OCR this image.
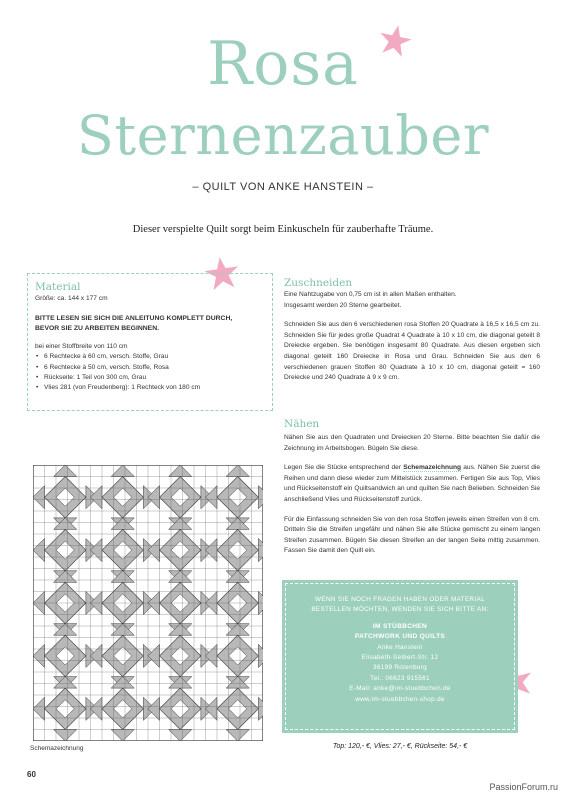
Rosa
Sternenzauber
– QUILT VON ANKE HANSTEIN –
Dieser verspielte Quilt sorgt beim Einkuscheln für zauberhafte Träume.
Material
Größe: ca. 144 x 177 cm
BITTE LESEN SIE SICH DIE ANLEITUNG KOMPLETT DURCH,
BEVOR SIE ZU ARBEITEN BEGINNEN.
bei einer Stoffbreite von 110 cm
• 6 Rechtecke à 60 cm, versch. Stoffe, Grau
• 6 Rechtecke à 50 cm, versch. Stoffe, Rosa
• Rückseite: 1 Teil von 300 cm, Grau
• Vlies 281 (von Freudenberg): 1 Rechteck von 180 cm
Zuschneiden

Eine Nahtzugabe von 0,75 cm ist in allen Maßen enthalten.

Insgesamt werden 20 Sterne gearbeitet.

Schneiden Sie aus den 6 verschiedenen rosa Stoffen 20 Quadrate à 16,5 x 16,5 cm zu. Schneiden Sie für jedes große Quadrat 4 Quadrate à 10 x 10 cm, die diagonal geteilt 8 Dreiecke ergeben. Sie benötigen insgesamt 80 Quadrate. Aus diesen ergeben sich diagonal geteilt 160 Dreiecke in Rosa und Grau. Schneiden Sie aus den 6 verschiedenen grauen Stoffen 80 Quadrate à 10 x 10 cm, diagonal geteilt = 160 Dreiecke und 240 Quadrate à 9 x 9 cm.

Nähen

Nähen Sie aus den Quadraten und Dreiecken 20 Sterne. Bitte beachten Sie dafür die Zeichnung im Arbeitsbogen. Bügeln Sie diese.

Legen Sie die Stücke entsprechend der Schemazeichnung aus. Nähen Sie zuerst die Reihen und dann diese wieder zum Mittelstück zusammen. Fertigen Sie aus Top, Vlies und Rückseitenstoff ein Quiltsandwich an und quilten Sie nach Belieben. Schneiden Sie anschließend Vlies und Rückseitenstoff zurück.

Für die Einfassung schneiden Sie von den rosa Stoffen jeweils einen Streifen von 8 cm. Dritteln Sie die Streifen ungefähr und nähen Sie alle Stücke gemischt zu einem langen Streifen zusammen. Bügeln Sie diesen Streifen an der langen Seite mittig zusammen. Fassen Sie damit den Quilt ein.

WENN SIE NOCH FRAGEN HABEN ODER MATERIAL
BESTELLEN MÖCHTEN, WENDEN SIE SICH BITTE AN:
IM STÜBBCHEN
PATCHWORK UND QUILTS
Anke Hanstein
Elisabeth-Selbert-Str. 12
36199 Rotenburg
Tel.: 06623 915561
E-Mail: anke@im-stuebbchen.de
www.im-stuebbchen-shop.de
Top: 120,- €, Vlies: 27,- €, Rückseite: 54,- €
Schemazeichnung
60
PassionForum.ru
